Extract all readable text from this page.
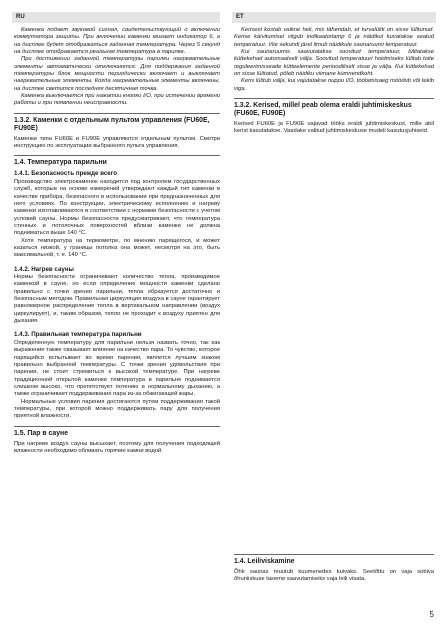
RU	ET

Каменка подает звуковой сигнал, свидетельствующий о включении коммутатора защиты. При включении каменки мигает индикатор 6, а на дисплее будет отображаться заданная температура. Через 5 секунд на дисплее отображается реальная температура в парилке.

При достижении заданной температуры парилки нагревательные элементы автоматически отключаются. Для поддержания заданной температуры блок мощности периодически включает и выключает нагревательные элементы. Когда нагревательные элементы включены, на дисплее светится последняя десятичная точка.

Каменка выключается при нажатии кнопки I/O, при истечении времени работы и при появлении неисправности.

1.3.2. Каменки с отдельным пультом управления (FU60E, FU90E)

Каменки типа FU60E и FU90E управляются отдельным пультом. Смотри инструкцию по эксплуатации выбранного пульта управления.

1.4. Температура парильни
1.4.1. Безопасность прежде всего

Производство электрокаменок находится под контролем государственных служб, которые на основе измерений утверждают каждый тип каменки в качестве прибора, безопасного в использовании при предназначенных для него условиях. По конструкции, электрическому исполнению и нагреву каменки изготавливаются в соответствии с нормами безопасности с учетом условий сауны. Нормы безопасности предусматривают, что температура стенных и потолочных поверхностей вблизи каменки не должна подниматься выше 140 °С.

Хотя температура на термометре, по мнению парящегося, и может казаться низкой, у границы потолка она может, несмотря на это, быть максимальной, т. е. 140 °С.

1.4.2. Нагрев сауны

Нормы безопасности ограничивают количество тепла, производимое каменкой в сауне, но если определение мощности каменки сделано правильно с точки зрения парильни, тепла образуется достаточно и безопасным методом. Правильная циркуляция воздуха в сауне гарантирует равномерное распределение тепла в вертикальном направлении (воздух циркулирует), и, таким образом, тепло не проходит к воздуху приятен для дыхания.

1.4.3. Правильная температура парильни

Определенную температуру для парильни нельзя назвать точно, так как выражение также оказывает влияние на качество пара. То чувство, которое парящийся испытывает во время парения, является лучшим знаком правильно выбранной температуры. С точки зрения удовольствия при парении, не стоит стремиться к высокой температуре. При нагреве традиционной открытой каменки температура в парильне поднимается слишком высоко, что препятствует потению и нормальному дыханию, а также ограничивает поддерживание пара из-за обжигающей жары.

Нормальные условия парения достигаются путем поддерживания такой температуры, при которой можно поддерживать пару для получения приятной влажности.

1.5. Пар в сауне

При нагреве воздух сауны высыхает, поэтому для получения подходящей влажности необходимо обливать горячие камни водой.

Kerisest kostab vaikne heli, mis tähendab, et turvalüliti on sisse lülitunud. Kerise käivitumisel vilgub indikaatorlamp 6 ja näidikul kuvatakse seatud temperatuur. Viie sekundi järel ilmub näidikule saunaruumi temperatuur.

Kui saunaruumis saavutatakse soovitud temperatuur, lülitatakse küttekehad automaatselt välja. Soovitud temperatuuri hoidmiseks lülitab toite reguleerimisseade kütteelemente perioodiliselt sisse ja välja. Kui küttekehad on sisse lülitatud, põleb näidiku viimane kümnendkoht.

Keris lülitub välja, kui vajutatakse nuppu I/O, töötamisaeg möödub või tekib viga.

1.3.2. Kerised, millel peab olema eraldi juhtimiskeskus (FU60E, FU90E)

Kerised FU60E ja FU90E vajavad tööks eraldi juhtimiskeskust, mille abil kerist kasutatakse. Vaadake valitud juhtimiskeskuse mudeli kasutusjuhiseid.

1.4. Leiliviskamine

Õhk saunas muutub kuumenedes kuivaks. Seetõttu on vaja sobiva õhuniiskuse taseme saavutamiseks vaja leili visata.

5
